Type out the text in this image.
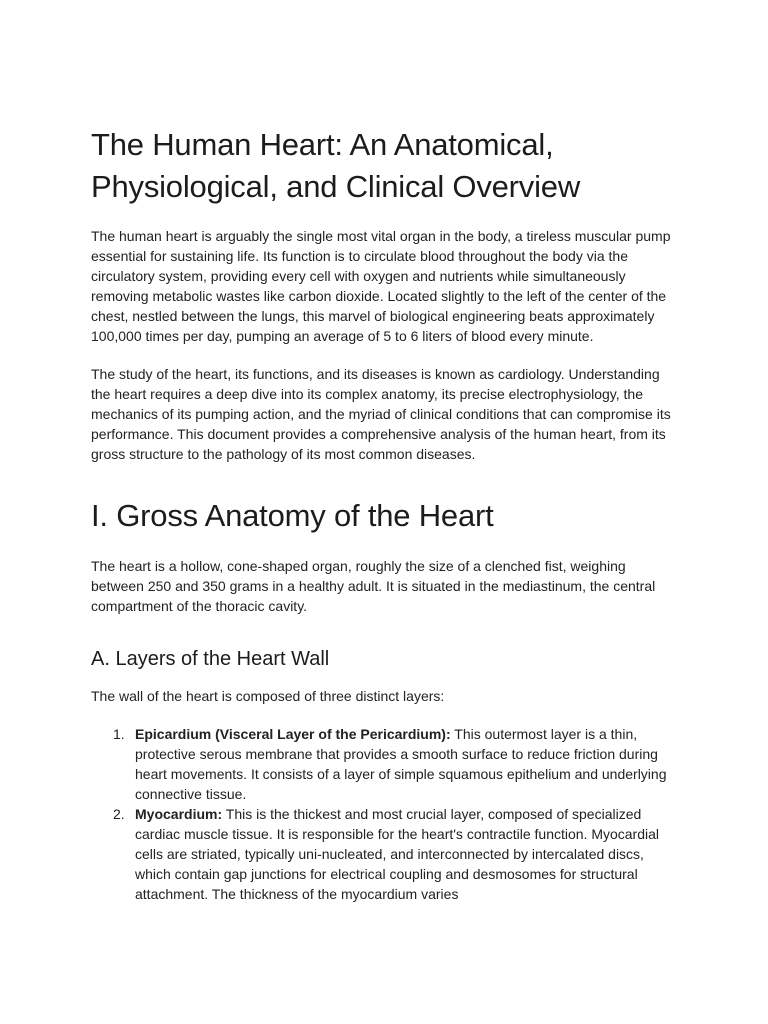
The Human Heart: An Anatomical, Physiological, and Clinical Overview

The human heart is arguably the single most vital organ in the body, a tireless muscular pump essential for sustaining life. Its function is to circulate blood throughout the body via the circulatory system, providing every cell with oxygen and nutrients while simultaneously removing metabolic wastes like carbon dioxide. Located slightly to the left of the center of the chest, nestled between the lungs, this marvel of biological engineering beats approximately 100,000 times per day, pumping an average of 5 to 6 liters of blood every minute.

The study of the heart, its functions, and its diseases is known as cardiology. Understanding the heart requires a deep dive into its complex anatomy, its precise electrophysiology, the mechanics of its pumping action, and the myriad of clinical conditions that can compromise its performance. This document provides a comprehensive analysis of the human heart, from its gross structure to the pathology of its most common diseases.

I. Gross Anatomy of the Heart

The heart is a hollow, cone-shaped organ, roughly the size of a clenched fist, weighing between 250 and 350 grams in a healthy adult. It is situated in the mediastinum, the central compartment of the thoracic cavity.

A. Layers of the Heart Wall

The wall of the heart is composed of three distinct layers:

1. Epicardium (Visceral Layer of the Pericardium): This outermost layer is a thin, protective serous membrane that provides a smooth surface to reduce friction during heart movements. It consists of a layer of simple squamous epithelium and underlying connective tissue.
2. Myocardium: This is the thickest and most crucial layer, composed of specialized cardiac muscle tissue. It is responsible for the heart's contractile function. Myocardial cells are striated, typically uni-nucleated, and interconnected by intercalated discs, which contain gap junctions for electrical coupling and desmosomes for structural attachment. The thickness of the myocardium varies
